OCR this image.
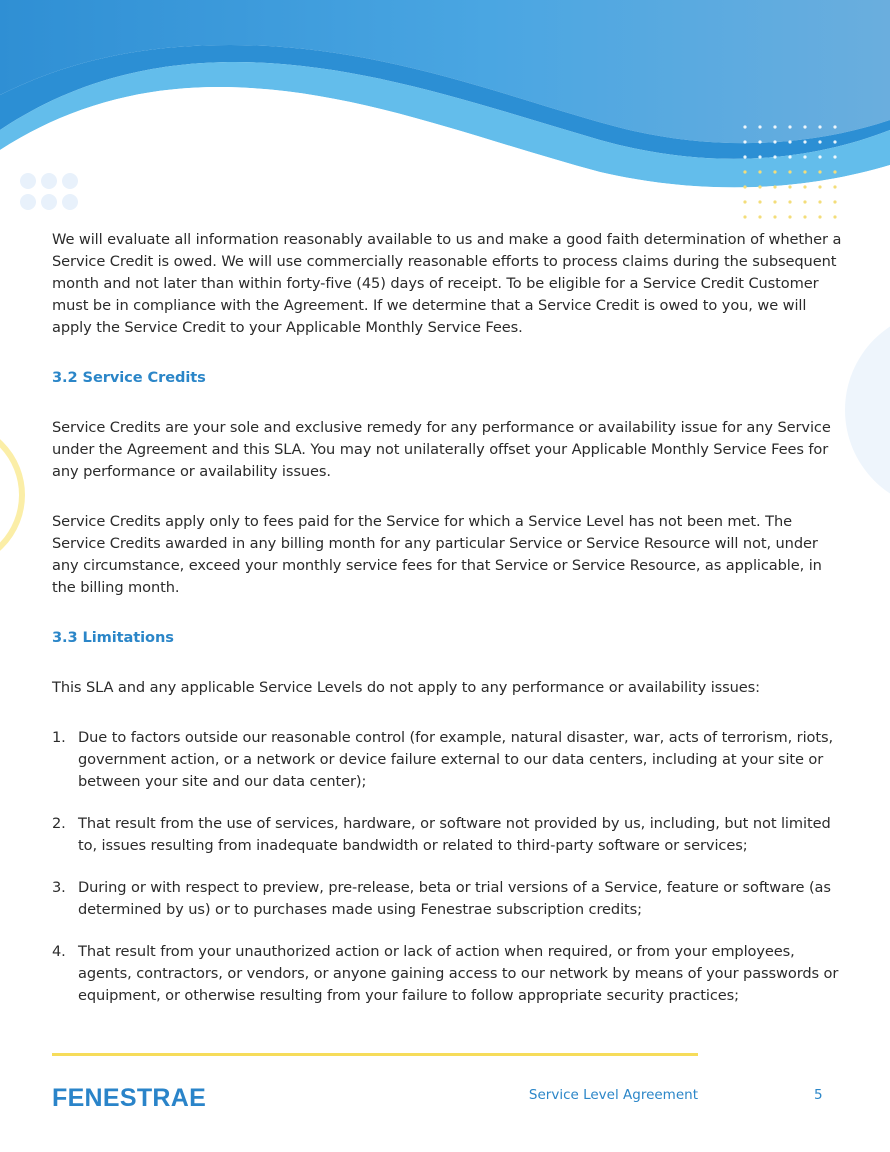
We will evaluate all information reasonably available to us and make a good faith determination of whether a Service Credit is owed. We will use commercially reasonable efforts to process claims during the subsequent month and not later than within forty-five (45) days of receipt. To be eligible for a Service Credit Customer must be in compliance with the Agreement. If we determine that a Service Credit is owed to you, we will apply the Service Credit to your Applicable Monthly Service Fees.

3.2 Service Credits

Service Credits are your sole and exclusive remedy for any performance or availability issue for any Service under the Agreement and this SLA. You may not unilaterally offset your Applicable Monthly Service Fees for any performance or availability issues.

Service Credits apply only to fees paid for the Service for which a Service Level has not been met. The Service Credits awarded in any billing month for any particular Service or Service Resource will not, under any circumstance, exceed your monthly service fees for that Service or Service Resource, as applicable, in the billing month.

3.3 Limitations

This SLA and any applicable Service Levels do not apply to any performance or availability issues:

1. Due to factors outside our reasonable control (for example, natural disaster, war, acts of terrorism, riots, government action, or a network or device failure external to our data centers, including at your site or between your site and our data center);
2. That result from the use of services, hardware, or software not provided by us, including, but not limited to, issues resulting from inadequate bandwidth or related to third-party software or services;
3. During or with respect to preview, pre-release, beta or trial versions of a Service, feature or software (as determined by us) or to purchases made using Fenestrae subscription credits;
4. That result from your unauthorized action or lack of action when required, or from your employees, agents, contractors, or vendors, or anyone gaining access to our network by means of your passwords or equipment, or otherwise resulting from your failure to follow appropriate security practices;
FENESTRAE	Service Level Agreement	5
